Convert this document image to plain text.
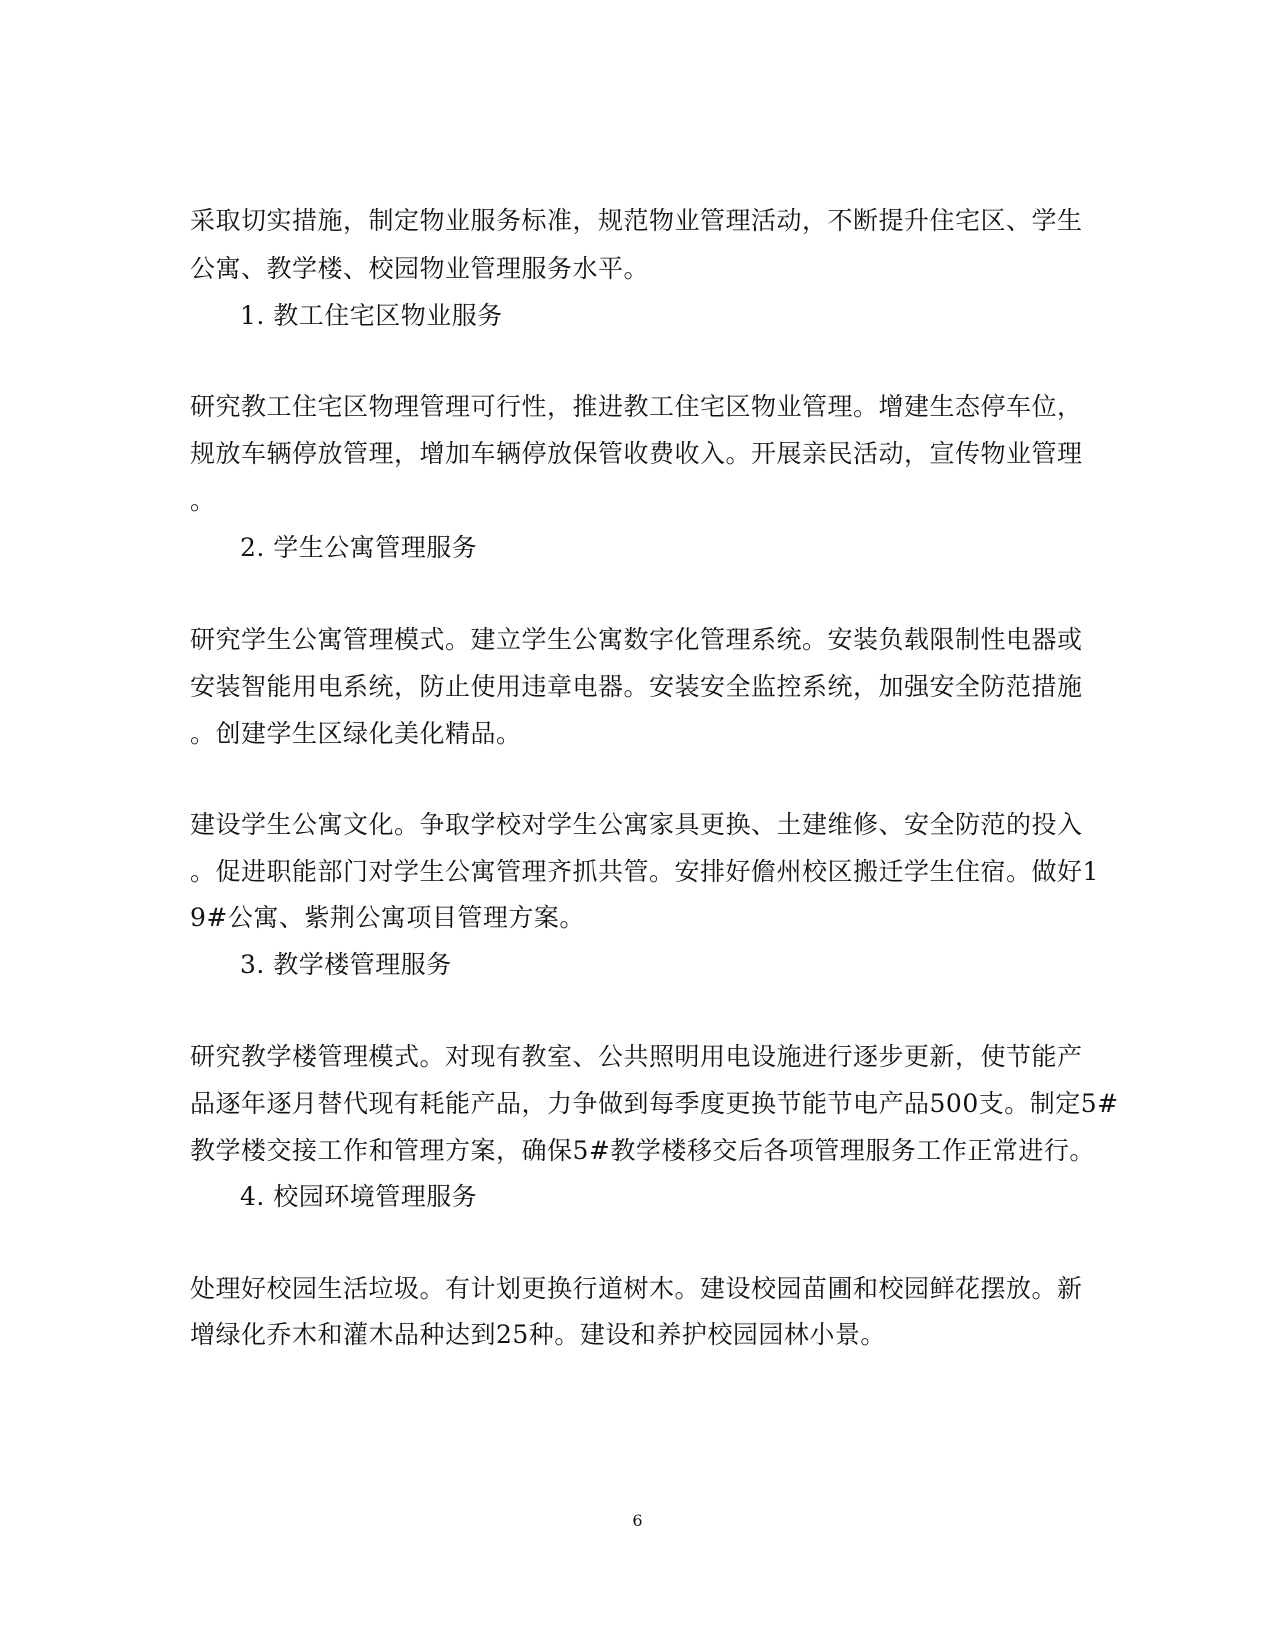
采取切实措施，制定物业服务标准，规范物业管理活动，不断提升住宅区、学生
公寓、教学楼、校园物业管理服务水平。
1. 教工住宅区物业服务
研究教工住宅区物理管理可行性，推进教工住宅区物业管理。增建生态停车位，
规放车辆停放管理，增加车辆停放保管收费收入。开展亲民活动，宣传物业管理
。
2. 学生公寓管理服务
研究学生公寓管理模式。建立学生公寓数字化管理系统。安装负载限制性电器或
安装智能用电系统，防止使用违章电器。安装安全监控系统，加强安全防范措施
。创建学生区绿化美化精品。
建设学生公寓文化。争取学校对学生公寓家具更换、土建维修、安全防范的投入
。促进职能部门对学生公寓管理齐抓共管。安排好儋州校区搬迁学生住宿。做好1
9#公寓、紫荆公寓项目管理方案。
3. 教学楼管理服务
研究教学楼管理模式。对现有教室、公共照明用电设施进行逐步更新，使节能产
品逐年逐月替代现有耗能产品，力争做到每季度更换节能节电产品500支。制定5#
教学楼交接工作和管理方案，确保5#教学楼移交后各项管理服务工作正常进行。
4. 校园环境管理服务
处理好校园生活垃圾。有计划更换行道树木。建设校园苗圃和校园鲜花摆放。新
增绿化乔木和灌木品种达到25种。建设和养护校园园林小景。
6
